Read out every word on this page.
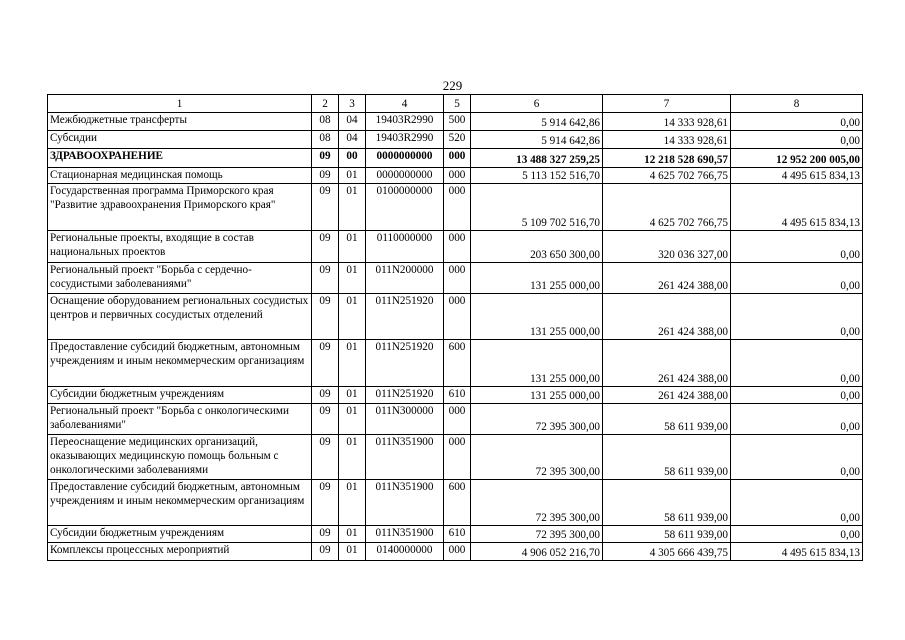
229
1	2	3	4	5	6	7	8
Межбюджетные трансферты	08	04	19403R2990	500	5 914 642,86	14 333 928,61	0,00
Субсидии	08	04	19403R2990	520	5 914 642,86	14 333 928,61	0,00
ЗДРАВООХРАНЕНИЕ	09	00	0000000000	000	13 488 327 259,25	12 218 528 690,57	12 952 200 005,00
Стационарная медицинская помощь	09	01	0000000000	000	5 113 152 516,70	4 625 702 766,75	4 495 615 834,13
Государственная программа Приморского края "Развитие здравоохранения Приморского края"	09	01	0100000000	000	5 109 702 516,70	4 625 702 766,75	4 495 615 834,13
Региональные проекты, входящие в состав национальных проектов	09	01	0110000000	000	203 650 300,00	320 036 327,00	0,00
Региональный проект "Борьба с сердечно-сосудистыми заболеваниями"	09	01	011N200000	000	131 255 000,00	261 424 388,00	0,00
Оснащение оборудованием региональных сосудистых центров и первичных сосудистых отделений	09	01	011N251920	000	131 255 000,00	261 424 388,00	0,00
Предоставление субсидий бюджетным, автономным учреждениям и иным некоммерческим организациям	09	01	011N251920	600	131 255 000,00	261 424 388,00	0,00
Субсидии бюджетным учреждениям	09	01	011N251920	610	131 255 000,00	261 424 388,00	0,00
Региональный проект "Борьба с онкологическими заболеваниями"	09	01	011N300000	000	72 395 300,00	58 611 939,00	0,00
Переоснащение медицинских организаций, оказывающих медицинскую помощь больным с онкологическими заболеваниями	09	01	011N351900	000	72 395 300,00	58 611 939,00	0,00
Предоставление субсидий бюджетным, автономным учреждениям и иным некоммерческим организациям	09	01	011N351900	600	72 395 300,00	58 611 939,00	0,00
Субсидии бюджетным учреждениям	09	01	011N351900	610	72 395 300,00	58 611 939,00	0,00
Комплексы процессных мероприятий	09	01	0140000000	000	4 906 052 216,70	4 305 666 439,75	4 495 615 834,13
